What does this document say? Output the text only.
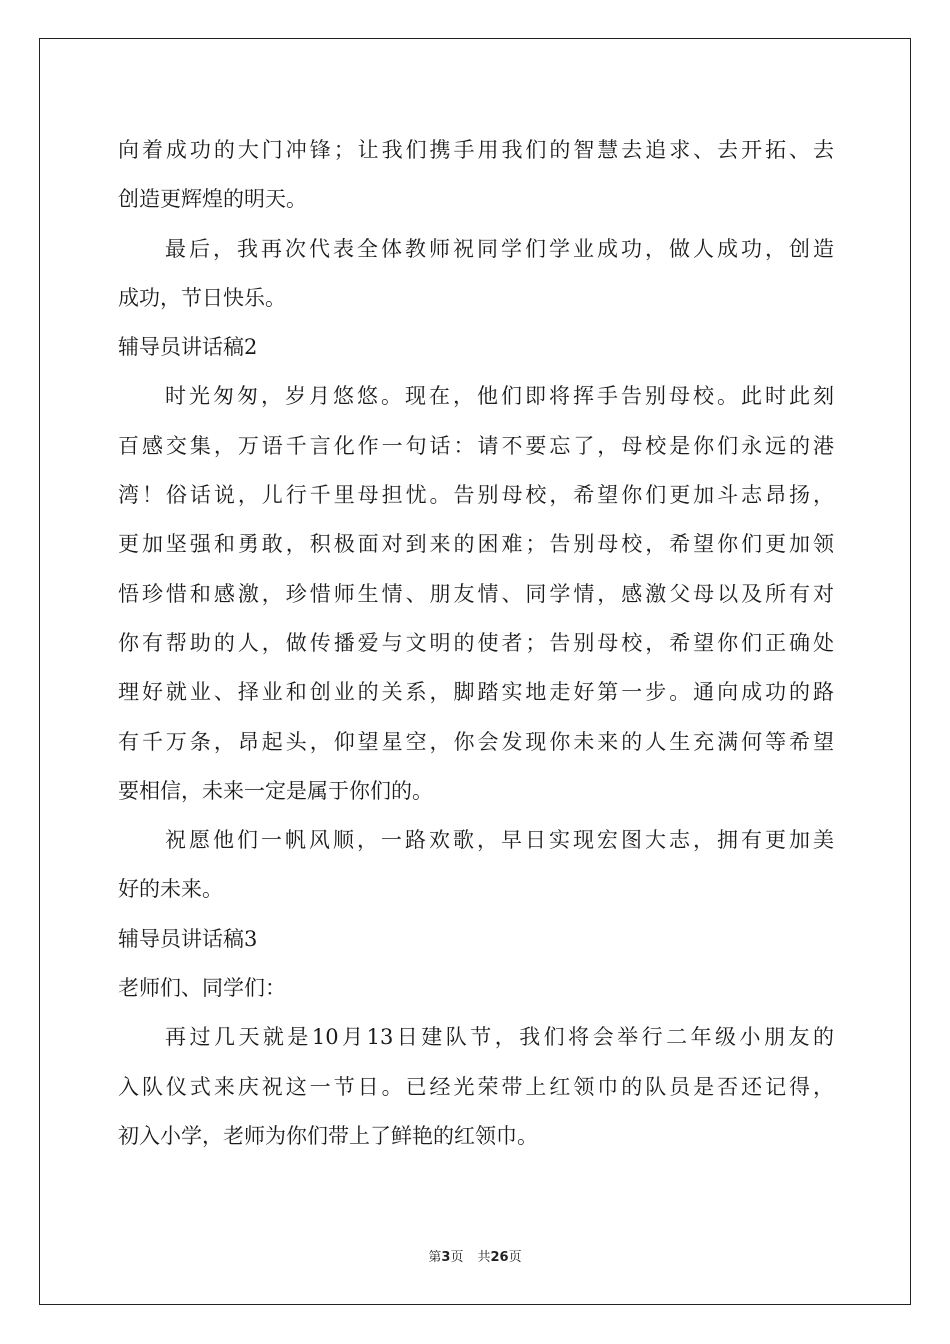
向着成功的大门冲锋；让我们携手用我们的智慧去追求、去开拓、去
创造更辉煌的明天。
最后，我再次代表全体教师祝同学们学业成功，做人成功，创造
成功，节日快乐。
辅导员讲话稿2
时光匆匆，岁月悠悠。现在，他们即将挥手告别母校。此时此刻
百感交集，万语千言化作一句话：请不要忘了，母校是你们永远的港
湾！俗话说，儿行千里母担忧。告别母校，希望你们更加斗志昂扬，
更加坚强和勇敢，积极面对到来的困难；告别母校，希望你们更加领
悟珍惜和感激，珍惜师生情、朋友情、同学情，感激父母以及所有对
你有帮助的人，做传播爱与文明的使者；告别母校，希望你们正确处
理好就业、择业和创业的关系，脚踏实地走好第一步。通向成功的路
有千万条，昂起头，仰望星空，你会发现你未来的人生充满何等希望
要相信，未来一定是属于你们的。
祝愿他们一帆风顺，一路欢歌，早日实现宏图大志，拥有更加美
好的未来。
辅导员讲话稿3
老师们、同学们：
再过几天就是10月13日建队节，我们将会举行二年级小朋友的
入队仪式来庆祝这一节日。已经光荣带上红领巾的队员是否还记得，
初入小学，老师为你们带上了鲜艳的红领巾。
第3页 共26页
